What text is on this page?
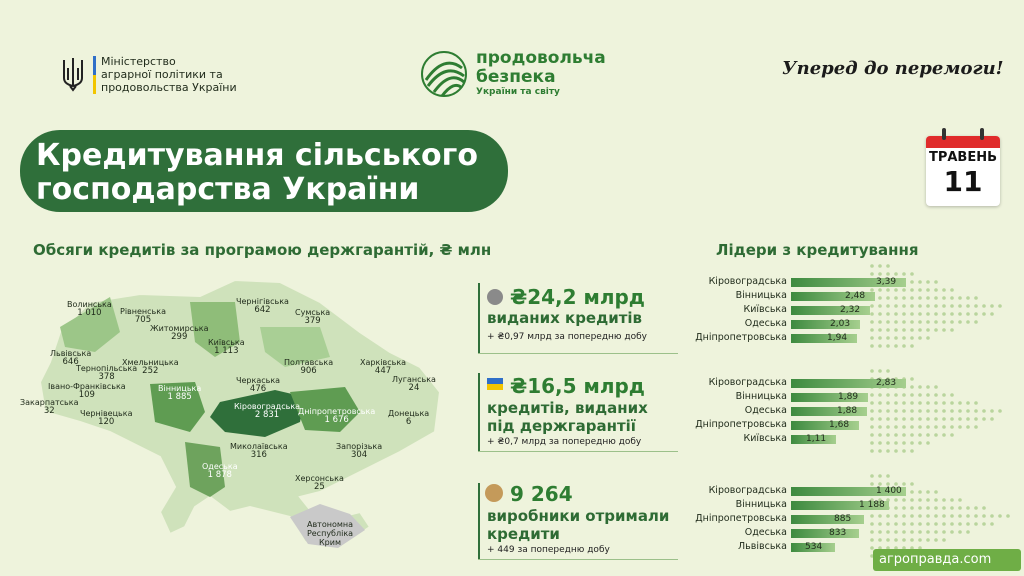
Міністерство
аграрної політики та
продовольства України
продовольча
безпека
України та світу
Уперед до перемоги!
Кредитування сільського
господарства України
ТРАВЕНЬ
11
Обсяги кредитів за програмою держгарантій, ₴ млн	Лідери з кредитування
Волинська
1 010	Рівненська
705
Житомирська
299
Київська
1 113
Чернігівська
642	Сумська
379
Львівська
646
Тернопільська
378
Хмельницька
252
Полтавська
906
Харківська
447
Луганська
24
Закарпатська
32
Івано-Франківська
109
Чернівецька
120
Вінницька
1 885
Черкаська
476
Кіровоградська
2 831	Дніпропетровська
1 676
Донецька
6
Миколаївська
316
Запорізька
304
Одеська
1 878	Херсонська
25
Автономна Республіка Крим
₴24,2 млрд
виданих кредитів
+ ₴0,97 млрд за попередню добу
₴16,5 млрд
кредитів, виданих під держгарантії
+ ₴0,7 млрд за попередню добу
9 264
виробники отримали кредити
+ 449 за попередню добу
Кіровоградська	3,39
Вінницька	2,48
Київська	2,32
Одеська	2,03
Дніпропетровська	1,94
Кіровоградська	2,83
Вінницька	1,89
Одеська	1,88
Дніпропетровська	1,68
Київська 1,11
Кіровоградська	1 400
Вінницька	1 188
Дніпропетровська	885
Одеська	833
Львівська 534
агроправда.com
